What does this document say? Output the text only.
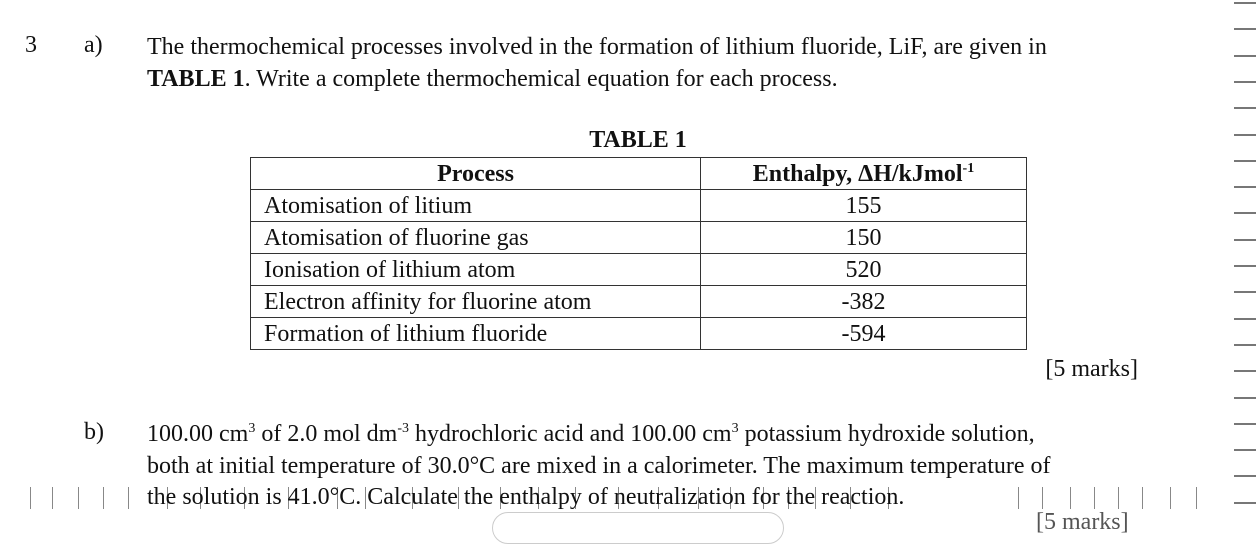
3 a) The thermochemical processes involved in the formation of lithium fluoride, LiF, are given in
TABLE 1. Write a complete thermochemical equation for each process.
TABLE 1
Process	Enthalpy, ΔH/kJmol$^{-1}$
Atomisation of litium	155
Atomisation of fluorine gas	150
Ionisation of lithium atom	520
Electron affinity for fluorine atom	-382
Formation of lithium fluoride	-594
[5 marks]
b) 100.00 $cm^3$ of 2.0 mol $dm^{-3}$ hydrochloric acid and 100.00 $cm^3$ potassium hydroxide solution,
both at initial temperature of 30.0°C are mixed in a calorimeter. The maximum temperature of
the solution is 41.0°C. Calculate the enthalpy of neutralization for the reaction.
[5 marks]
